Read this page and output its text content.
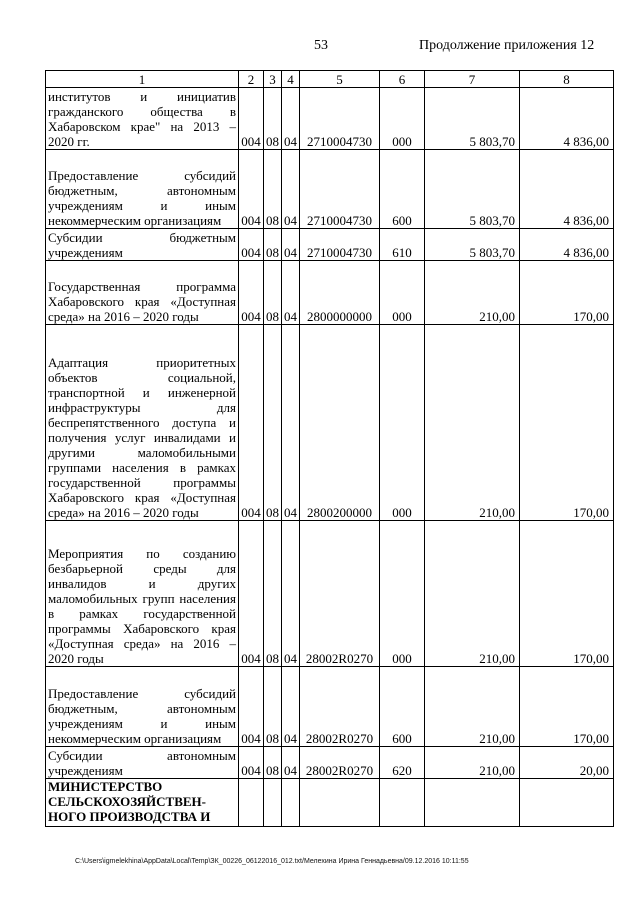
53	Продолжение приложения 12
1	2	3	4	5	6	7	8
институтов и инициатив гражданского общества в Хабаровском крае" на 2013 – 2020 гг.	004	08	04	2710004730	000	5 803,70	4 836,00
Предоставление субсидий бюджетным, автономным учреждениям и иным некоммерческим организациям	004	08	04	2710004730	600	5 803,70	4 836,00
Субсидии бюджетным учреждениям	004	08	04	2710004730	610	5 803,70	4 836,00
Государственная программа Хабаровского края «Доступная среда» на 2016 – 2020 годы	004	08	04	2800000000	000	210,00	170,00
Адаптация приоритетных объектов социальной, транспортной и инженерной инфраструктуры для беспрепятственного доступа и получения услуг инвалидами и другими маломобильными группами населения в рамках государственной программы Хабаровского края «Доступная среда» на 2016 – 2020 годы	004	08	04	2800200000	000	210,00	170,00
Мероприятия по созданию безбарьерной среды для инвалидов и других маломобильных групп населения в рамках государственной программы Хабаровского края «Доступная среда» на 2016 – 2020 годы	004	08	04	28002R0270	000	210,00	170,00
Предоставление субсидий бюджетным, автономным учреждениям и иным некоммерческим организациям	004	08	04	28002R0270	600	210,00	170,00
Субсидии автономным учреждениям	004	08	04	28002R0270	620	210,00	20,00
МИНИСТЕРСТВО СЕЛЬСКОХОЗЯЙСТВЕН-НОГО ПРОИЗВОДСТВА И							
C:\Users\igmelekhina\AppData\Local\Temp\ЗК_00226_06122016_012.txt/Мелехина Ирина Геннадьевна/09.12.2016 10:11:55
